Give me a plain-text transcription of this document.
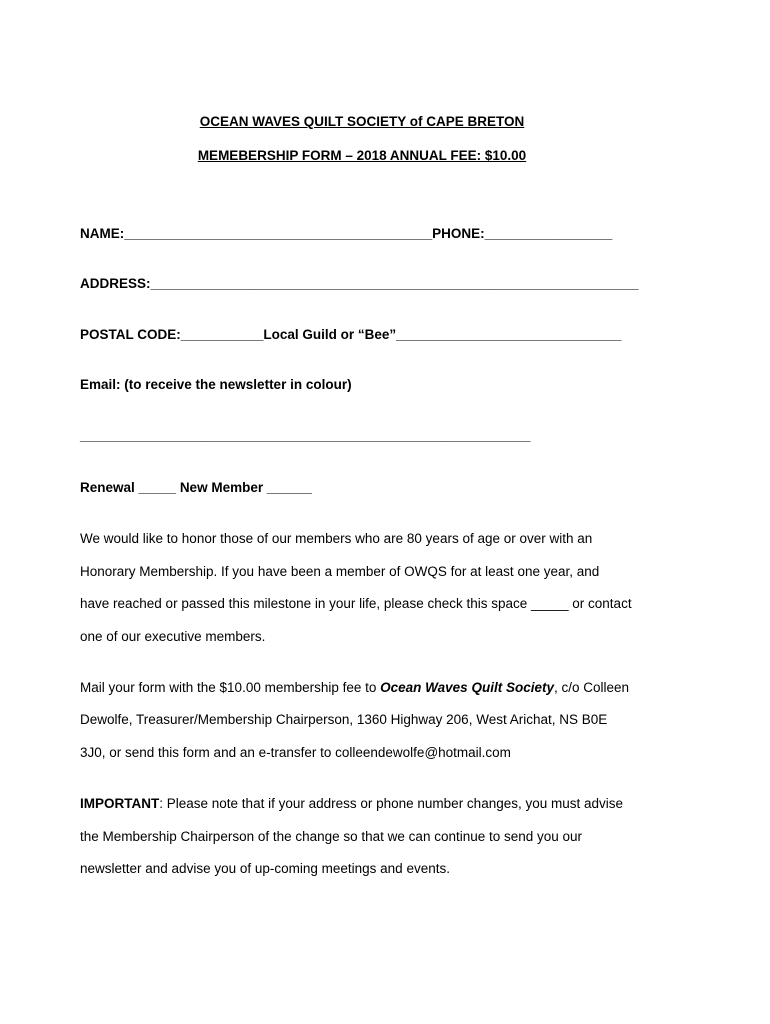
OCEAN WAVES QUILT SOCIETY of CAPE BRETON
MEMEBERSHIP FORM – 2018 ANNUAL FEE: $10.00
NAME:_________________________________________PHONE:_________________
ADDRESS:_________________________________________________________________
POSTAL CODE:___________Local Guild or “Bee”______________________________
Email: (to receive the newsletter in colour)
____________________________________________________________
Renewal _____ New Member ______
We would like to honor those of our members who are 80 years of age or over with an
Honorary Membership. If you have been a member of OWQS for at least one year, and
have reached or passed this milestone in your life, please check this space _____ or contact
one of our executive members.
Mail your form with the $10.00 membership fee to Ocean Waves Quilt Society, c/o Colleen
Dewolfe, Treasurer/Membership Chairperson, 1360 Highway 206, West Arichat, NS B0E
3J0, or send this form and an e-transfer to colleendewolfe@hotmail.com
IMPORTANT: Please note that if your address or phone number changes, you must advise
the Membership Chairperson of the change so that we can continue to send you our
newsletter and advise you of up-coming meetings and events.
